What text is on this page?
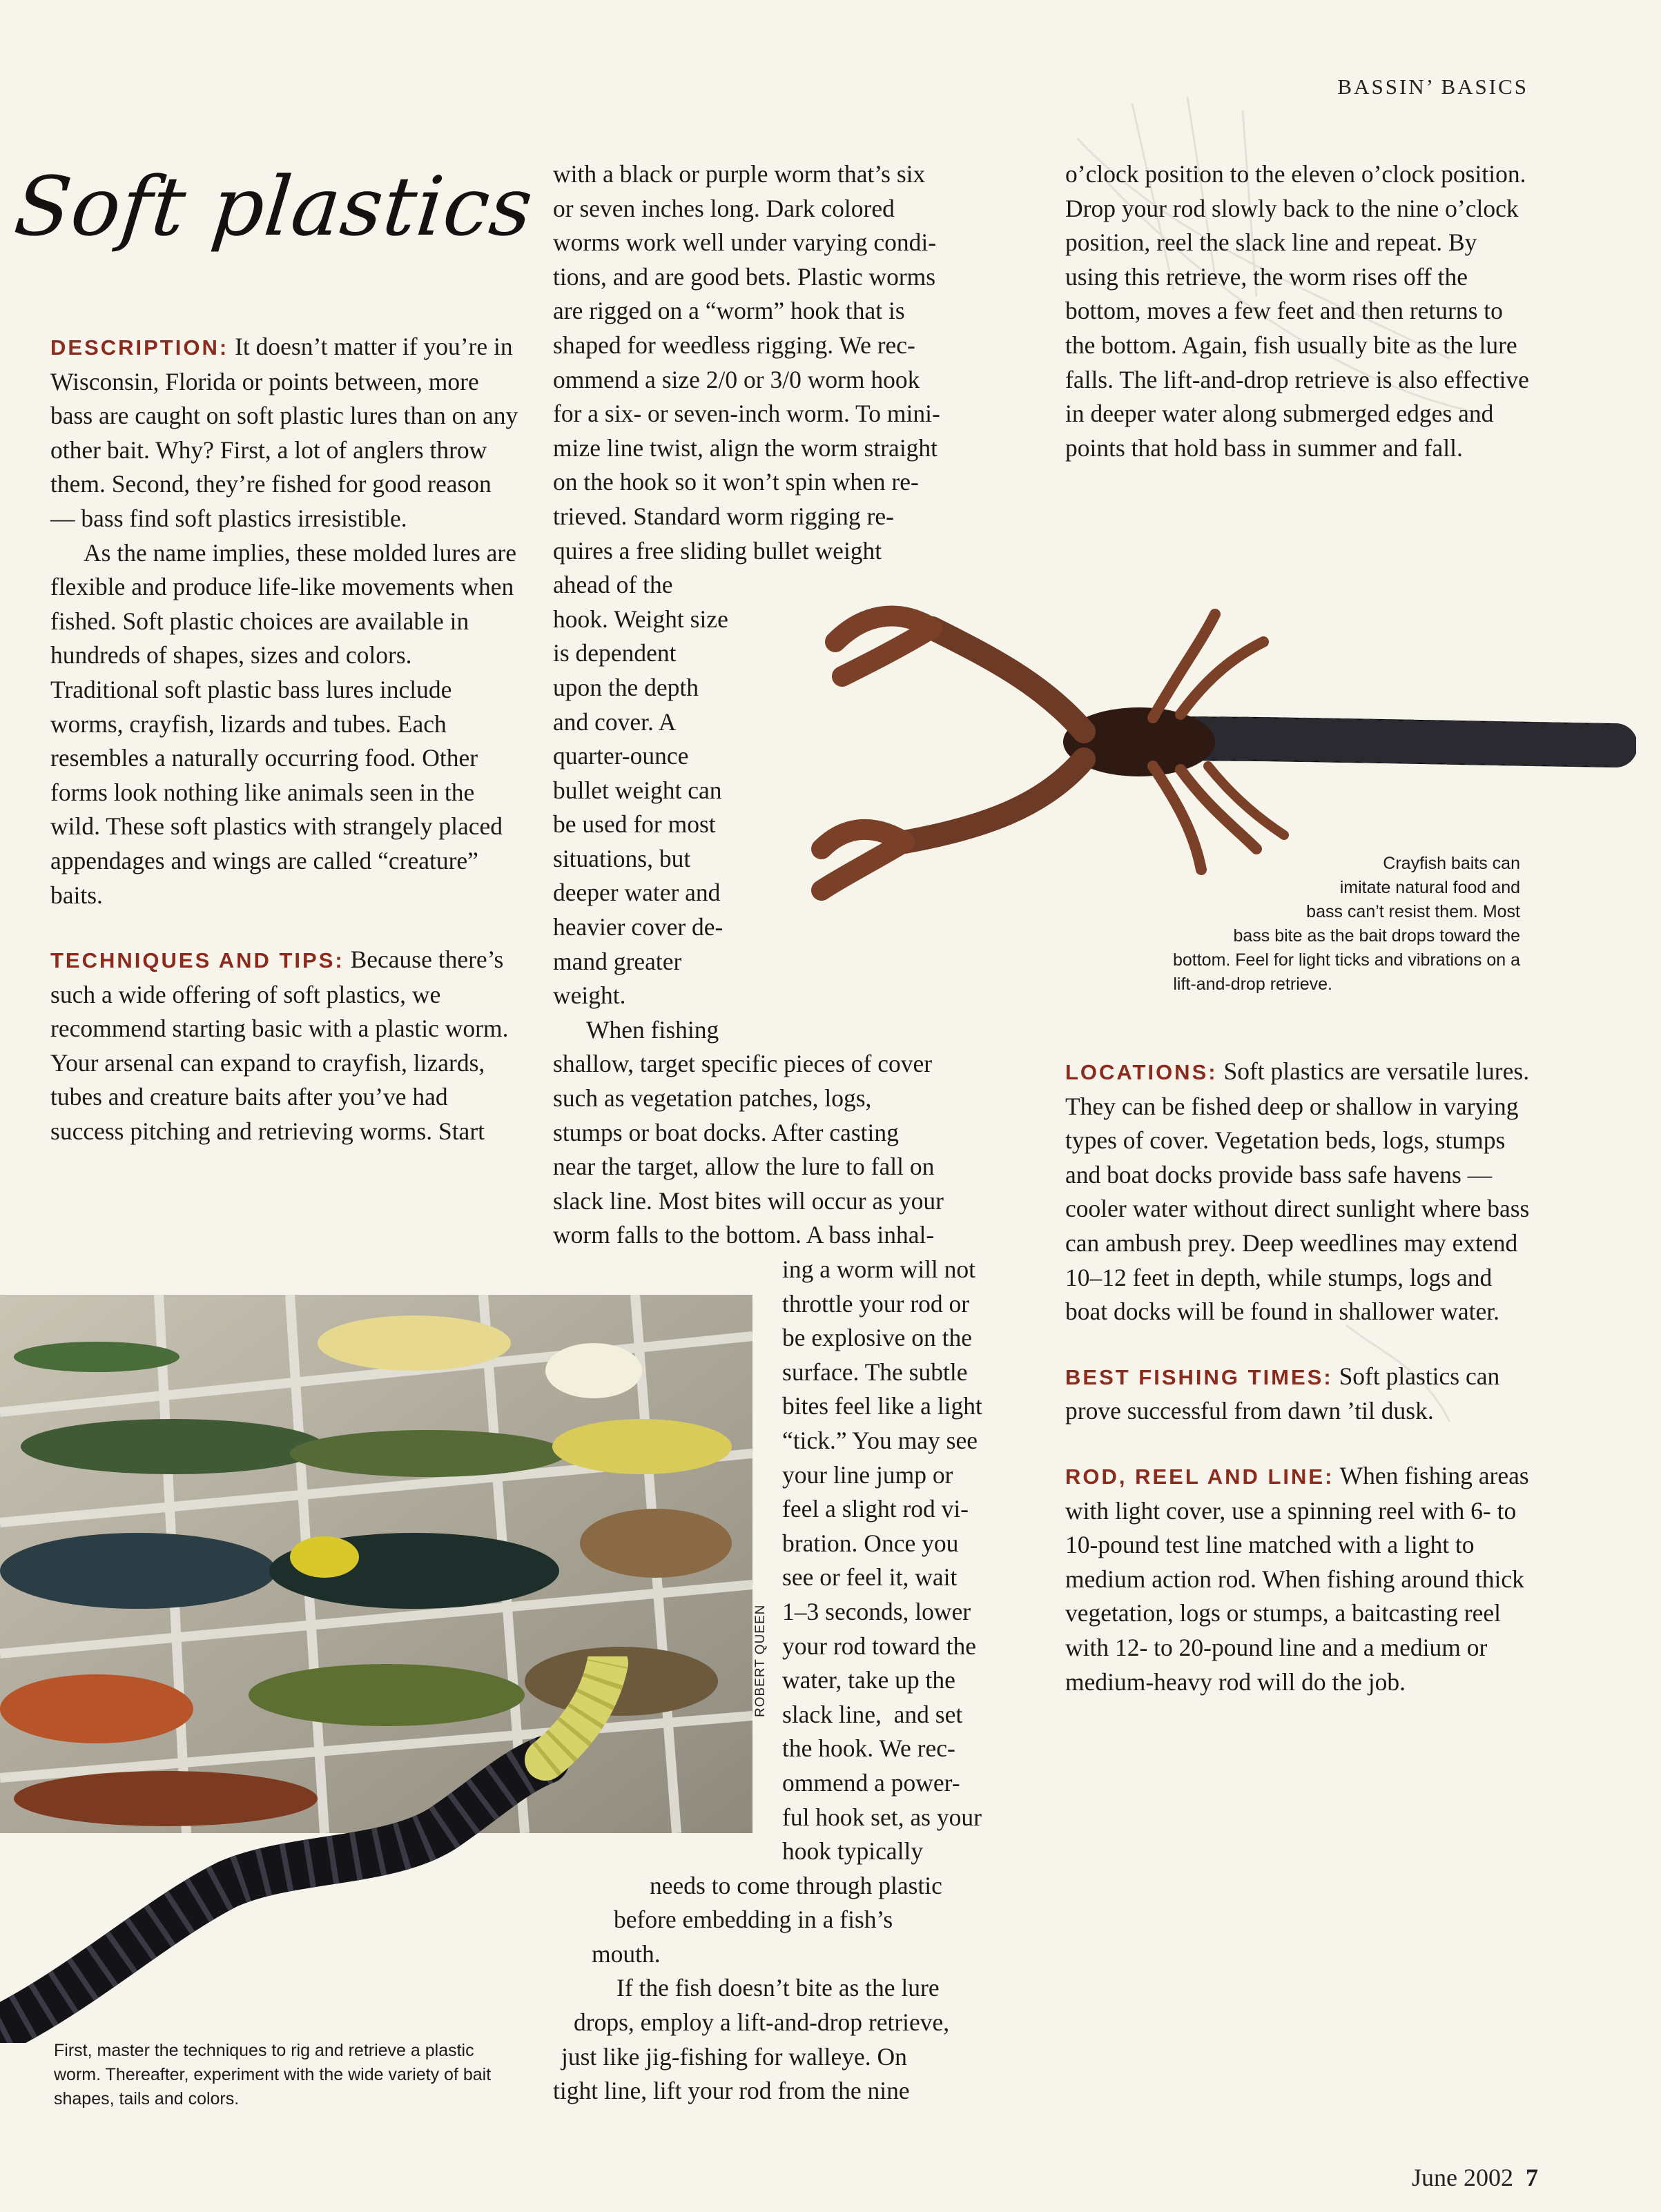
BASSIN’ BASICS
Soft plastics

DESCRIPTION: It doesn’t matter if you’re in Wisconsin, Florida or points between, more bass are caught on soft plastic lures than on any other bait. Why? First, a lot of anglers throw them. Second, they’re fished for good reason — bass find soft plastics irresistible.

As the name implies, these molded lures are flexible and produce life-like movements when fished. Soft plastic choices are available in hundreds of shapes, sizes and colors. Traditional soft plastic bass lures include worms, crayfish, lizards and tubes. Each resembles a naturally occurring food. Other forms look nothing like animals seen in the wild. These soft plastics with strangely placed appendages and wings are called “creature” baits.

TECHNIQUES AND TIPS: Because there’s such a wide offering of soft plastics, we recommend starting basic with a plastic worm. Your arsenal can expand to crayfish, lizards, tubes and creature baits after you’ve had success pitching and retrieving worms. Start

with a black or purple worm that’s six
or seven inches long. Dark colored
worms work well under varying condi-
tions, and are good bets. Plastic worms
are rigged on a “worm” hook that is
shaped for weedless rigging. We rec-
ommend a size 2/0 or 3/0 worm hook
for a six- or seven-inch worm. To mini-
mize line twist, align the worm straight
on the hook so it won’t spin when re-
trieved. Standard worm rigging re-
quires a free sliding bullet weight
ahead of the
hook. Weight size
is dependent
upon the depth
and cover. A
quarter-ounce
bullet weight can
be used for most
situations, but
deeper water and
heavier cover de-
mand greater
weight.
When fishing
shallow, target specific pieces of cover
such as vegetation patches, logs,
stumps or boat docks. After casting
near the target, allow the lure to fall on
slack line. Most bites will occur as your
worm falls to the bottom. A bass inhal-
ing a worm will not
throttle your rod or
be explosive on the
surface. The subtle
bites feel like a light
“tick.” You may see
your line jump or
feel a slight rod vi-
bration. Once you
see or feel it, wait
1–3 seconds, lower
your rod toward the
water, take up the
slack line,  and set
the hook. We rec-
ommend a power-
ful hook set, as your
hook typically
needs to come through plastic
before embedding in a fish’s
mouth.
If the fish doesn’t bite as the lure
drops, employ a lift-and-drop retrieve,
just like jig-fishing for walleye. On
tight line, lift your rod from the nine
ROBERT QUEEN

o’clock position to the eleven o’clock position. Drop your rod slowly back to the nine o’clock position, reel the slack line and repeat. By using this retrieve, the worm rises off the bottom, moves a few feet and then returns to the bottom. Again, fish usually bite as the lure falls. The lift-and-drop retrieve is also effective in deeper water along submerged edges and points that hold bass in summer and fall.

Crayfish baits can
imitate natural food and
bass can’t resist them. Most
bass bite as the bait drops toward the
bottom. Feel for light ticks and vibrations on a
lift-and-drop retrieve.

LOCATIONS: Soft plastics are versatile lures. They can be fished deep or shallow in varying types of cover. Vegetation beds, logs, stumps and boat docks provide bass safe havens — cooler water without direct sunlight where bass can ambush prey. Deep weedlines may extend 10–12 feet in depth, while stumps, logs and boat docks will be found in shallower water.

BEST FISHING TIMES: Soft plastics can prove successful from dawn ’til dusk.

ROD, REEL AND LINE: When fishing areas with light cover, use a spinning reel with 6- to 10-pound test line matched with a light to medium action rod. When fishing around thick vegetation, logs or stumps, a baitcasting reel with 12- to 20-pound line and a medium or medium-heavy rod will do the job.

First, master the techniques to rig and retrieve a plastic worm. Thereafter, experiment with the wide variety of bait shapes, tails and colors.
June 2002 7
